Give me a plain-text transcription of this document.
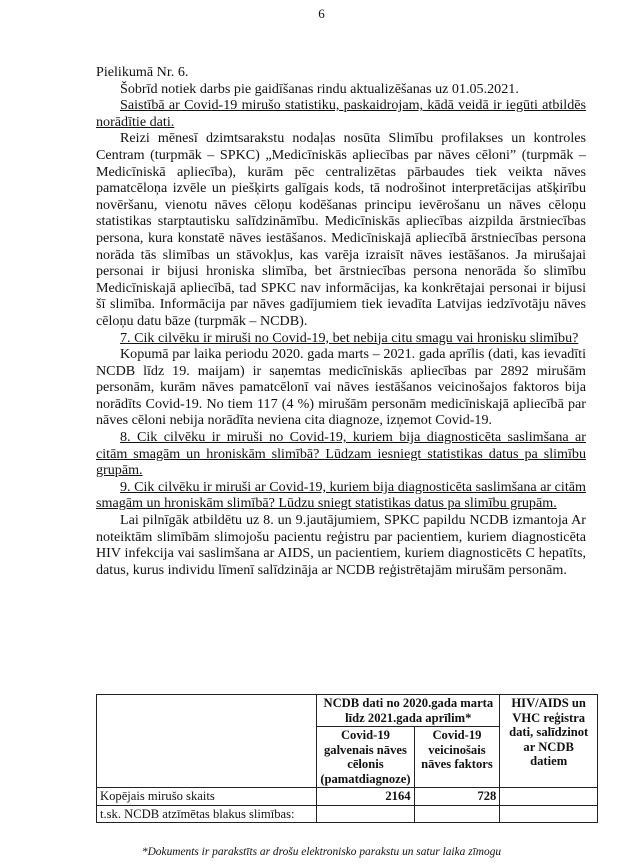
6

Pielikumā Nr. 6.

Šobrīd notiek darbs pie gaidīšanas rindu aktualizēšanas uz 01.05.2021.

Saistībā ar Covid-19 mirušo statistiku, paskaidrojam, kādā veidā ir iegūti atbildēs norādītie dati.

Reizi mēnesī dzimtsarakstu nodaļas nosūta Slimību profilakses un kontroles Centram (turpmāk – SPKC) „Medicīniskās apliecības par nāves cēloni” (turpmāk – Medicīniskā apliecība), kurām pēc centralizētas pārbaudes tiek veikta nāves pamatcēloņa izvēle un piešķirts galīgais kods, tā nodrošinot interpretācijas atšķirību novēršanu, vienotu nāves cēloņu kodēšanas principu ievērošanu un nāves cēloņu statistikas starptautisku salīdzināmību. Medicīniskās apliecības aizpilda ārstniecības persona, kura konstatē nāves iestāšanos. Medicīniskajā apliecībā ārstniecības persona norāda tās slimības un stāvokļus, kas varēja izraisīt nāves iestāšanos. Ja mirušajai personai ir bijusi hroniska slimība, bet ārstniecības persona nenorāda šo slimību Medicīniskajā apliecībā, tad SPKC nav informācijas, ka konkrētajai personai ir bijusi šī slimība. Informācija par nāves gadījumiem tiek ievadīta Latvijas iedzīvotāju nāves cēloņu datu bāze (turpmāk – NCDB).

7. Cik cilvēku ir miruši no Covid-19, bet nebija citu smagu vai hronisku slimību?

Kopumā par laika periodu 2020. gada marts – 2021. gada aprīlis (dati, kas ievadīti NCDB līdz 19. maijam) ir saņemtas medicīniskās apliecības par 2892 mirušām personām, kurām nāves pamatcēlonī vai nāves iestāšanos veicinošajos faktoros bija norādīts Covid-19. No tiem 117 (4 %) mirušām personām medicīniskajā apliecībā par nāves cēloni nebija norādīta neviena cita diagnoze, izņemot Covid-19.

8. Cik cilvēku ir miruši no Covid-19, kuriem bija diagnosticēta saslimšana ar citām smagām un hroniskām slimībā? Lūdzam iesniegt statistikas datus pa slimību grupām.

9. Cik cilvēku ir miruši ar Covid-19, kuriem bija diagnosticēta saslimšana ar citām smagām un hroniskām slimībā? Lūdzu sniegt statistikas datus pa slimību grupām.

Lai pilnīgāk atbildētu uz 8. un 9.jautājumiem, SPKC papildu NCDB izmantoja Ar noteiktām slimībām slimojošu pacientu reģistru par pacientiem, kuriem diagnosticēta HIV infekcija vai saslimšana ar AIDS, un pacientiem, kuriem diagnosticēts C hepatīts, datus, kurus individu līmenī salīdzināja ar NCDB reģistrētajām mirušām personām.

	NCDB dati no 2020.gada marta līdz 2021.gada aprīlim*		HIV/AIDS un VHC reģistra dati, salīdzinot ar NCDB datiem
	Covid-19 galvenais nāves cēlonis (pamatdiagnoze)	Covid-19 veicinošais nāves faktors	
Kopējais mirušo skaits	2164	728	
t.sk. NCDB atzīmētas blakus slimības:			
*Dokuments ir parakstīts ar drošu elektronisko parakstu un satur laika zīmogu
